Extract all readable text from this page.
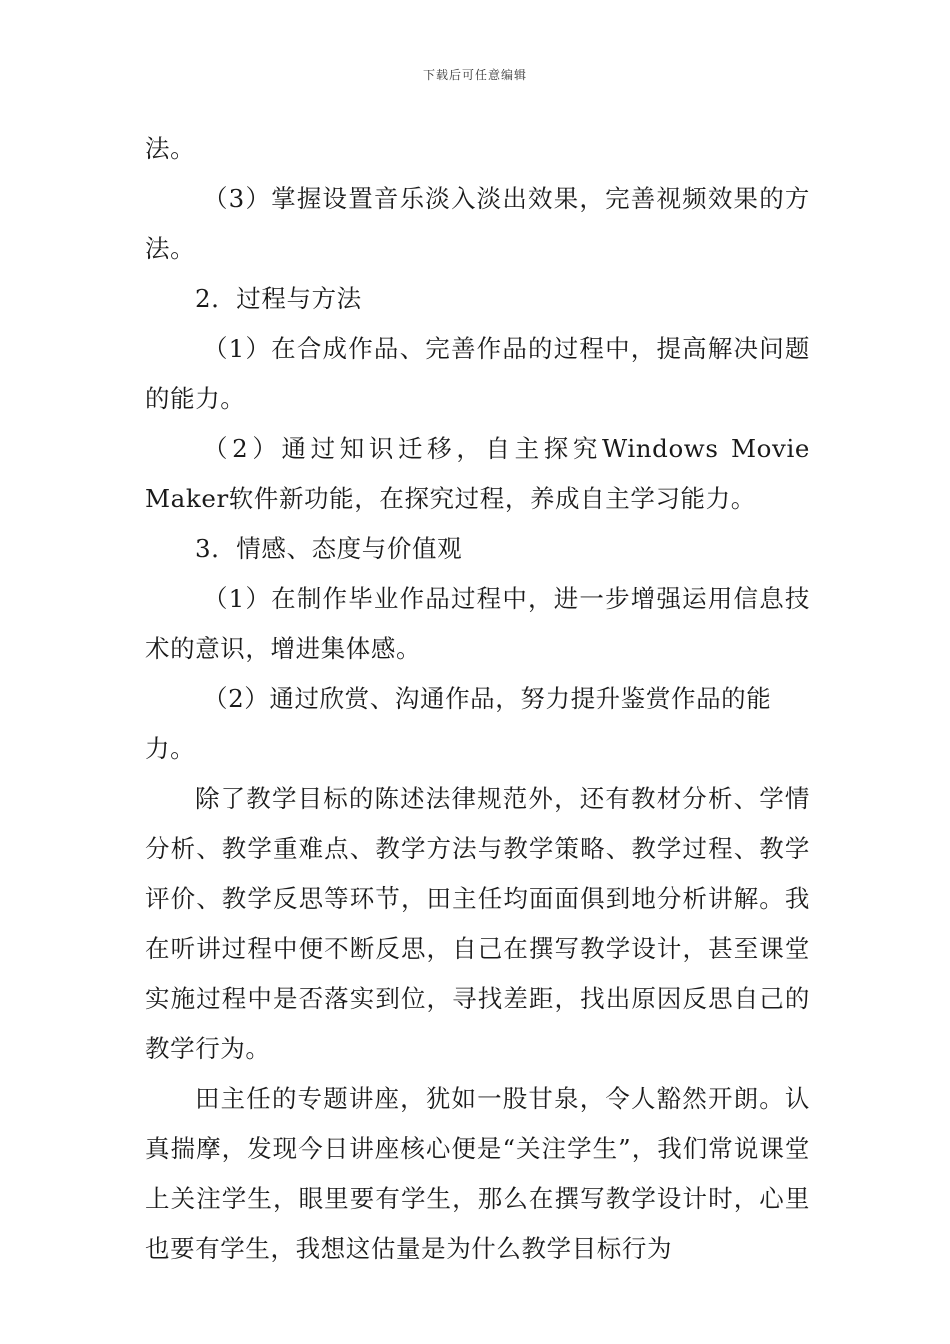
下载后可任意编辑

法。

（3）掌握设置音乐淡入淡出效果，完善视频效果的方法。

2．过程与方法

（1）在合成作品、完善作品的过程中，提高解决问题的能力。

（2）通过知识迁移，自主探究Windows Movie Maker软件新功能，在探究过程，养成自主学习能力。

3．情感、态度与价值观

（1）在制作毕业作品过程中，进一步增强运用信息技术的意识，增进集体感。

（2）通过欣赏、沟通作品，努力提升鉴赏作品的能力。

除了教学目标的陈述法律规范外，还有教材分析、学情分析、教学重难点、教学方法与教学策略、教学过程、教学评价、教学反思等环节，田主任均面面俱到地分析讲解。我在听讲过程中便不断反思，自己在撰写教学设计，甚至课堂实施过程中是否落实到位，寻找差距，找出原因反思自己的教学行为。

田主任的专题讲座，犹如一股甘泉，令人豁然开朗。认真揣摩，发现今日讲座核心便是“关注学生”，我们常说课堂上关注学生，眼里要有学生，那么在撰写教学设计时，心里也要有学生，我想这估量是为什么教学目标行为
